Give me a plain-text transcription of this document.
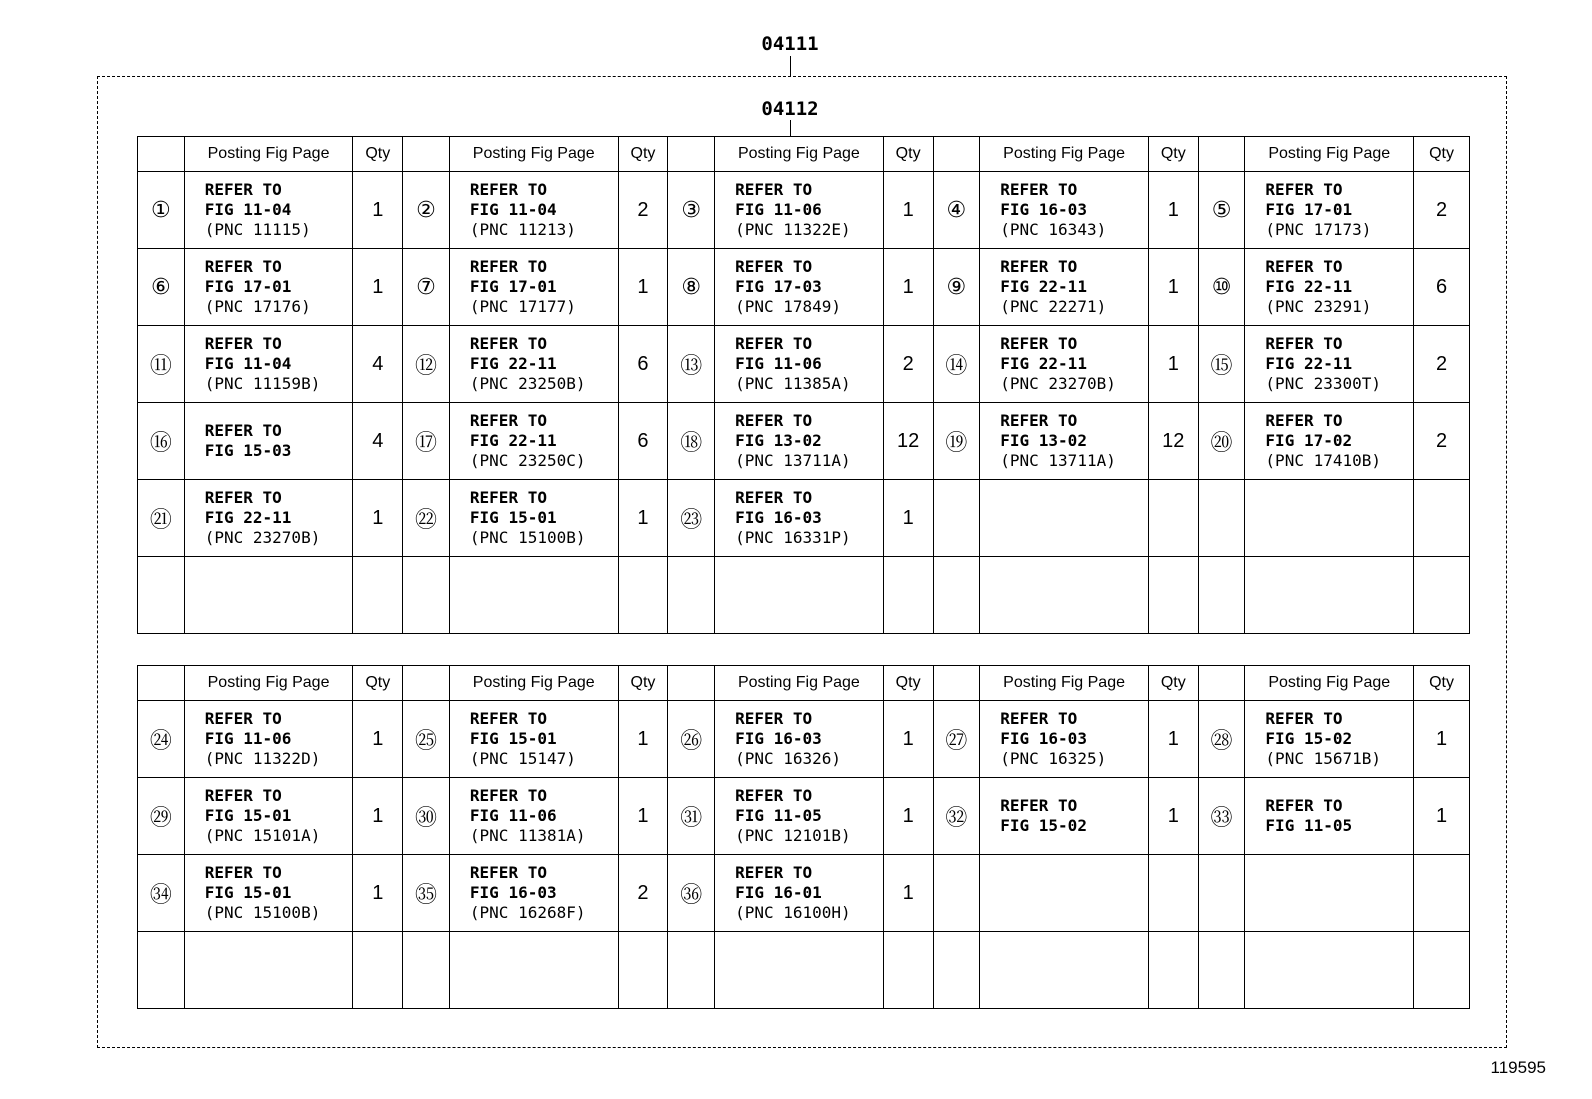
04111
04112
	Posting Fig Page	Qty		Posting Fig Page	Qty		Posting Fig Page	Qty		Posting Fig Page	Qty		Posting Fig Page	Qty
①	REFER TO
FIG 11-04
(PNC 11115)	1	②	REFER TO
FIG 11-04
(PNC 11213)	2	③	REFER TO
FIG 11-06
(PNC 11322E)	1	④	REFER TO
FIG 16-03
(PNC 16343)	1	⑤	REFER TO
FIG 17-01
(PNC 17173)	2
⑥	REFER TO
FIG 17-01
(PNC 17176)	1	⑦	REFER TO
FIG 17-01
(PNC 17177)	1	⑧	REFER TO
FIG 17-03
(PNC 17849)	1	⑨	REFER TO
FIG 22-11
(PNC 22271)	1	⑩	REFER TO
FIG 22-11
(PNC 23291)	6
⑪	REFER TO
FIG 11-04
(PNC 11159B)	4	⑫	REFER TO
FIG 22-11
(PNC 23250B)	6	⑬	REFER TO
FIG 11-06
(PNC 11385A)	2	⑭	REFER TO
FIG 22-11
(PNC 23270B)	1	⑮	REFER TO
FIG 22-11
(PNC 23300T)	2
⑯	REFER TO
FIG 15-03	4	⑰	REFER TO
FIG 22-11
(PNC 23250C)	6	⑱	REFER TO
FIG 13-02
(PNC 13711A)	12	⑲	REFER TO
FIG 13-02
(PNC 13711A)	12	⑳	REFER TO
FIG 17-02
(PNC 17410B)	2
㉑	REFER TO
FIG 22-11
(PNC 23270B)	1	㉒	REFER TO
FIG 15-01
(PNC 15100B)	1	㉓	REFER TO
FIG 16-03
(PNC 16331P)	1						

	Posting Fig Page	Qty		Posting Fig Page	Qty		Posting Fig Page	Qty		Posting Fig Page	Qty		Posting Fig Page	Qty
㉔	REFER TO
FIG 11-06
(PNC 11322D)	1	㉕	REFER TO
FIG 15-01
(PNC 15147)	1	㉖	REFER TO
FIG 16-03
(PNC 16326)	1	㉗	REFER TO
FIG 16-03
(PNC 16325)	1	㉘	REFER TO
FIG 15-02
(PNC 15671B)	1
㉙	REFER TO
FIG 15-01
(PNC 15101A)	1	㉚	REFER TO
FIG 11-06
(PNC 11381A)	1	㉛	REFER TO
FIG 11-05
(PNC 12101B)	1	㉜	REFER TO
FIG 15-02	1	㉝	REFER TO
FIG 11-05	1
㉞	REFER TO
FIG 15-01
(PNC 15100B)	1	㉟	REFER TO
FIG 16-03
(PNC 16268F)	2	㊱	REFER TO
FIG 16-01
(PNC 16100H)	1						

119595
